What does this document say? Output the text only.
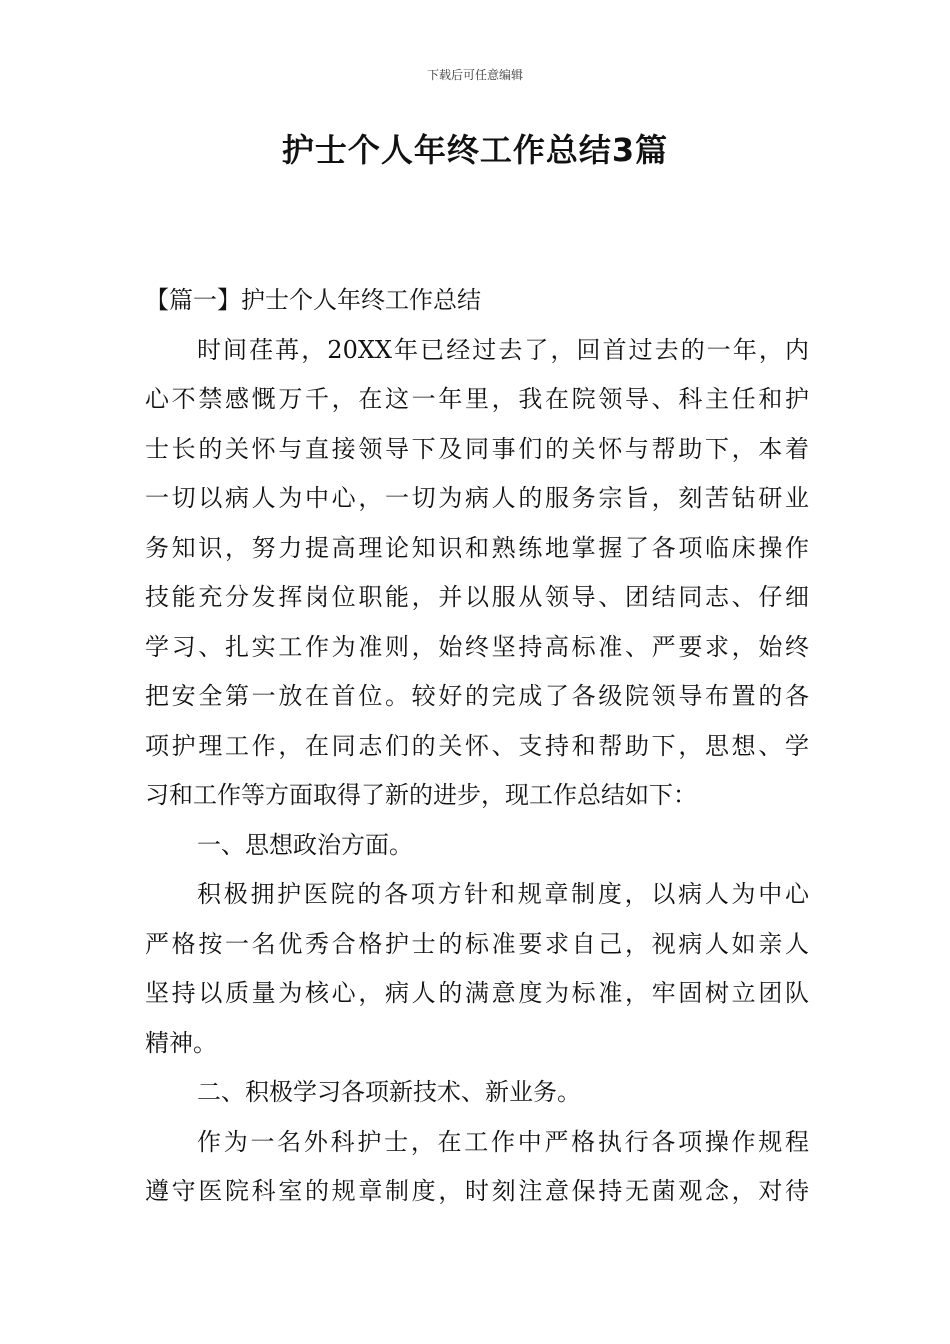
下载后可任意编辑
护士个人年终工作总结3篇
【篇一】护士个人年终工作总结
时间荏苒，20XX年已经过去了，回首过去的一年，内
心不禁感慨万千，在这一年里，我在院领导、科主任和护
士长的关怀与直接领导下及同事们的关怀与帮助下，本着
一切以病人为中心，一切为病人的服务宗旨，刻苦钻研业
务知识，努力提高理论知识和熟练地掌握了各项临床操作
技能充分发挥岗位职能，并以服从领导、团结同志、仔细
学习、扎实工作为准则，始终坚持高标准、严要求，始终
把安全第一放在首位。较好的完成了各级院领导布置的各
项护理工作，在同志们的关怀、支持和帮助下，思想、学
习和工作等方面取得了新的进步，现工作总结如下：
一、思想政治方面。
积极拥护医院的各项方针和规章制度，以病人为中心
严格按一名优秀合格护士的标准要求自己，视病人如亲人
坚持以质量为核心，病人的满意度为标准，牢固树立团队
精神。
二、积极学习各项新技术、新业务。
作为一名外科护士，在工作中严格执行各项操作规程
遵守医院科室的规章制度，时刻注意保持无菌观念，对待
